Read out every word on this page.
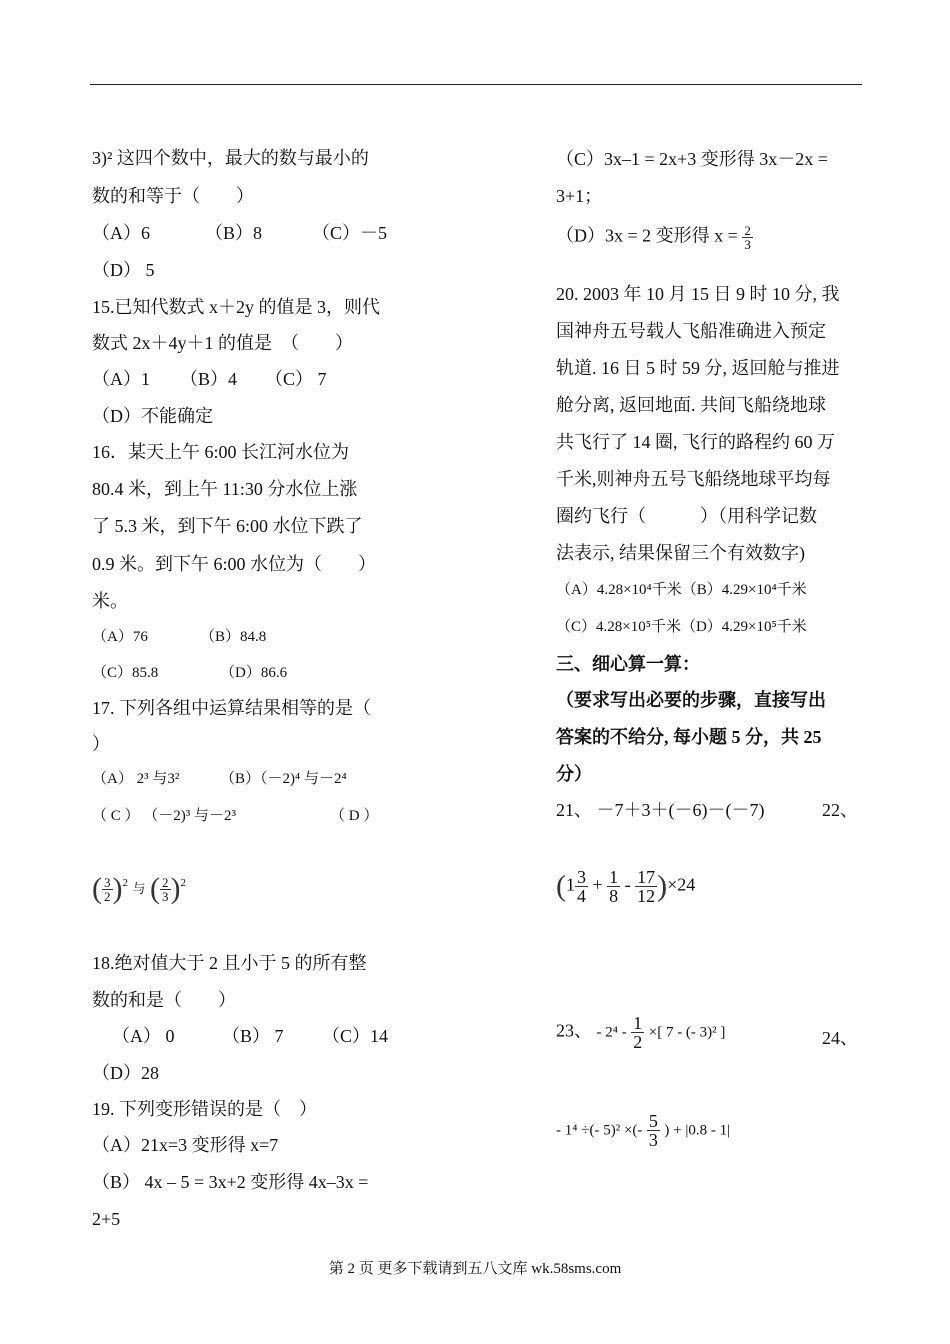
3)² 这四个数中，最大的数与最小的
数的和等于（　　）
（A）6	（B）8	（C）－5
（D） 5
15.已知代数式 x＋2y 的值是 3，则代
数式 2x＋4y＋1 的值是　（　　）
（A）1 （B）4 （C） 7
（D）不能确定
16．某天上午 6:00 长江河水位为
80.4 米，到上午 11:30 分水位上涨
了 5.3 米，到下午 6:00 水位下跌了
0.9 米。到下午 6:00 水位为（　　）
米。
（A）76	（B）84.8
（C）85.8	（D）86.6
17. 下列各组中运算结果相等的是（
）
（A） 2³ 与3²	（B）（－2)⁴ 与－2⁴
（ C ） （－2)³ 与－2³	（ D ）
( $\frac{3}{2} )^2$ 与 ( $\frac{2}{3} )^2$
18.绝对值大于 2 且小于 5 的所有整
数的和是（　　）
（A） 0	（B） 7 （C）14
（D）28
19. 下列变形错误的是（　）
（A）21x=3 变形得 x=7
（B） 4x – 5 = 3x+2 变形得 4x–3x =
2+5
（C）3x–1 = 2x+3 变形得 3x－2x =
3+1；
（D）3x = 2 变形得 $x = \frac{2}{3}$
20. 2003 年 10 月 15 日 9 时 10 分, 我
国神舟五号载人飞船准确进入预定
轨道. 16 日 5 时 59 分, 返回舱与推进
舱分离, 返回地面. 共间飞船绕地球
共飞行了 14 圈, 飞行的路程约 60 万
千米,则神舟五号飞船绕地球平均每
圈约飞行（　　　）（用科学记数
法表示, 结果保留三个有效数字)
（A）4.28×10⁴千米（B）4.29×10⁴千米
（C）4.28×10⁵千米（D）4.29×10⁵千米
三、细心算一算：
（要求写出必要的步骤，直接写出
答案的不给分, 每小题 5 分，共 25
分）
21、 －7＋3＋(－6)－(－7)	22、
$(1 \frac{3}{4} + \frac{1}{8} - \frac{17}{12} )\times 24$
23、 - $2^4 - \frac{1}{2}$ ×[ 7 - (- 3)² ]	24、
- 1⁴ ÷(- 5)² ×(- $\frac{5}{3}$ ) + |0.8 - 1|
第 2 页 更多下载请到五八文库 wk.58sms.com
